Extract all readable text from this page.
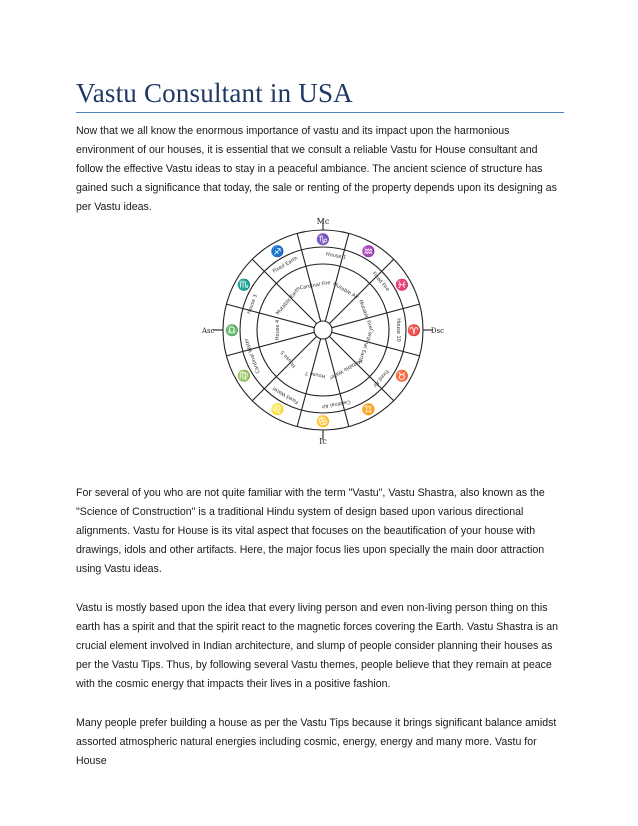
Vastu Consultant in USA

Now that we all know the enormous importance of vastu and its impact upon the harmonious environment of our houses, it is essential that we consult a reliable Vastu for House consultant and follow the effective Vastu ideas to stay in a peaceful ambiance. The ancient science of structure has gained such a significance that today, the sale or renting of the property depends upon its designing as per Vastu ideas.

♈
♉
♊
♋
♌
♍
♎
♏
♐
♑
♒
♓
House 10
Cardinal Earth
Fixed Air
Mutable Water
Cardinal Air
House 7
Fixed Water
House 5
Cardinal Water
House 4
House 3	Mutable Earth
Fixed Earth
Cardinal Fire
House 1
Mutable Air Fixed Fire
Mutable Fire
Mc
Ic
Asc	Dsc

For several of you who are not quite familiar with the term "Vastu", Vastu Shastra, also known as the "Science of Construction" is a traditional Hindu system of design based upon various directional alignments. Vastu for House is its vital aspect that focuses on the beautification of your house with drawings, idols and other artifacts. Here, the major focus lies upon specially the main door attraction using Vastu ideas.

Vastu is mostly based upon the idea that every living person and even non-living person thing on this earth has a spirit and that the spirit react to the magnetic forces covering the Earth. Vastu Shastra is an crucial element involved in Indian architecture, and slump of people consider planning their houses as per the Vastu Tips. Thus, by following several Vastu themes, people believe that they remain at peace with the cosmic energy that impacts their lives in a positive fashion.

Many people prefer building a house as per the Vastu Tips because it brings significant balance amidst assorted atmospheric natural energies including cosmic, energy, energy and many more. Vastu for House
